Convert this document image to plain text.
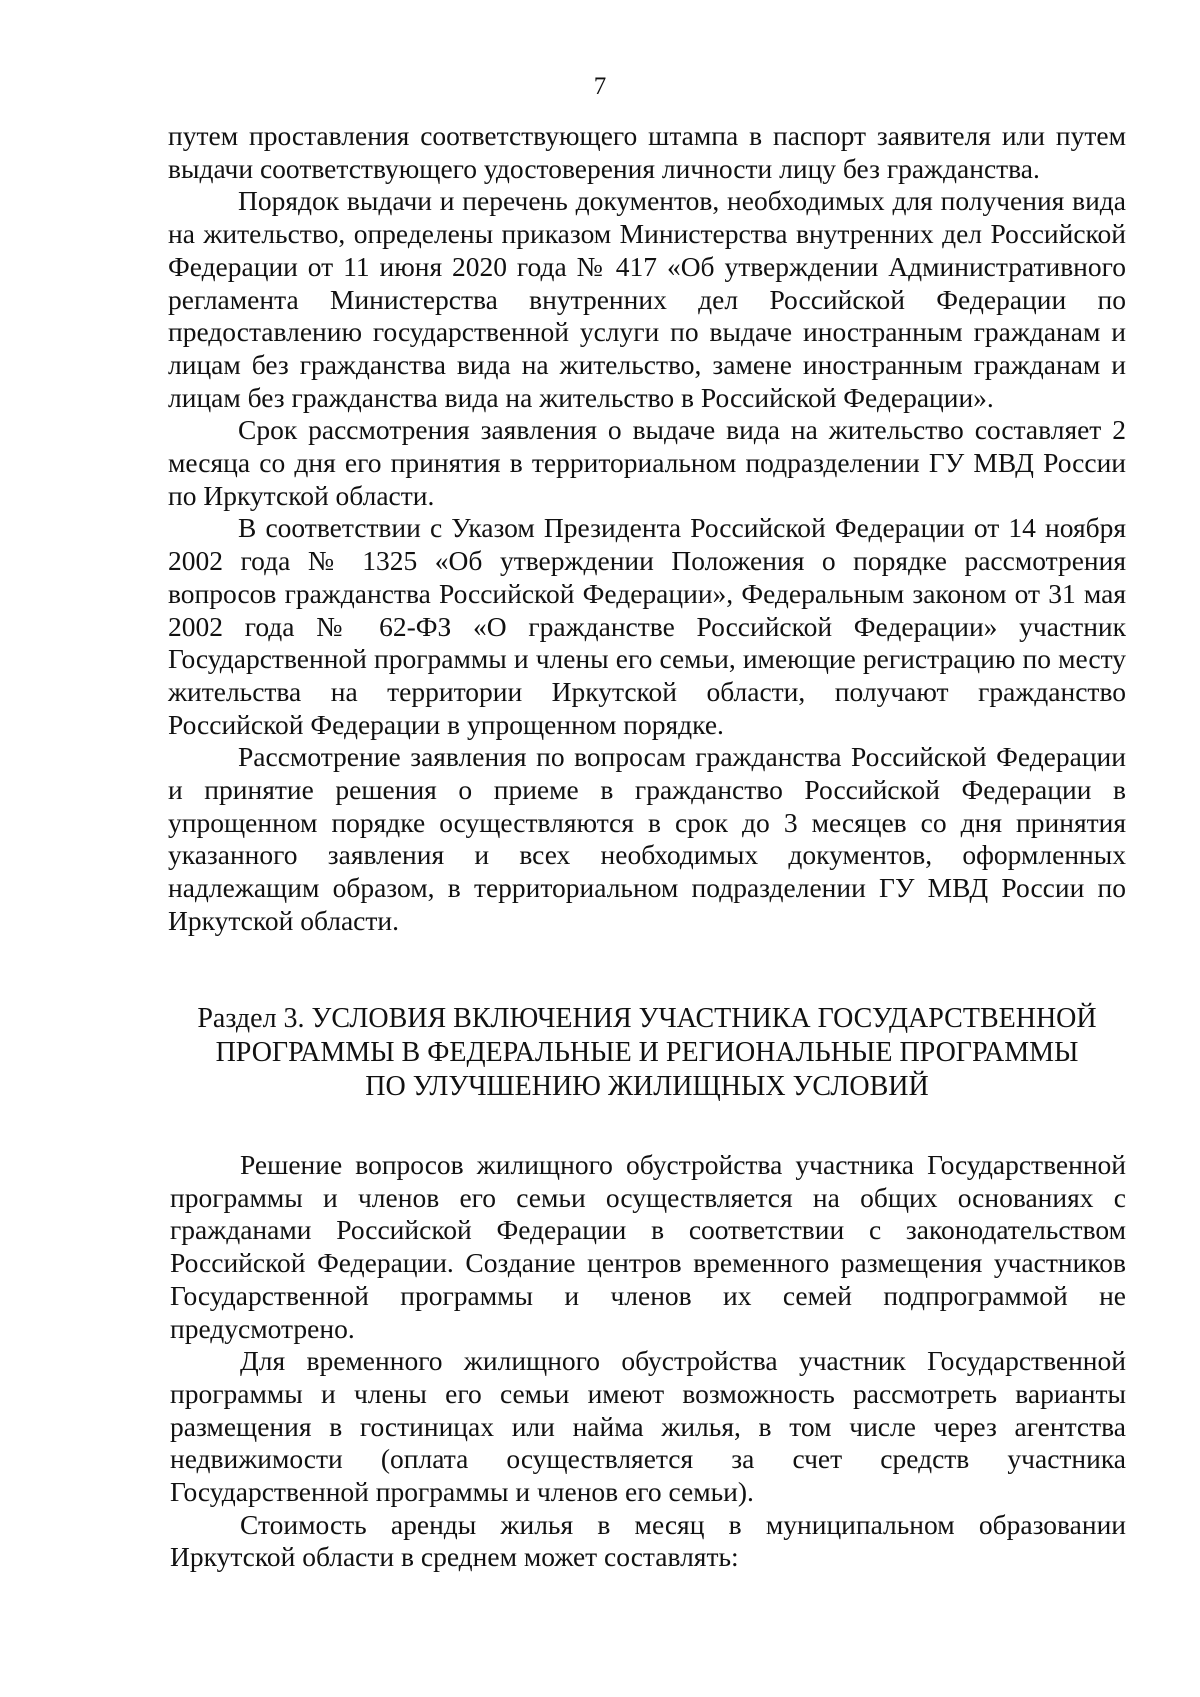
7

путем проставления соответствующего штампа в паспорт заявителя или путем выдачи соответствующего удостоверения личности лицу без гражданства.

Порядок выдачи и перечень документов, необходимых для получения вида на жительство, определены приказом Министерства внутренних дел Российской Федерации от 11 июня 2020 года № 417 «Об утверждении Административного регламента Министерства внутренних дел Российской Федерации по предоставлению государственной услуги по выдаче иностранным гражданам и лицам без гражданства вида на жительство, замене иностранным гражданам и лицам без гражданства вида на жительство в Российской Федерации».

Срок рассмотрения заявления о выдаче вида на жительство составляет 2 месяца со дня его принятия в территориальном подразделении ГУ МВД России по Иркутской области.

В соответствии с Указом Президента Российской Федерации от 14 ноября 2002 года № 1325 «Об утверждении Положения о порядке рассмотрения вопросов гражданства Российской Федерации», Федеральным законом от 31 мая 2002 года № 62-ФЗ «О гражданстве Российской Федерации» участник Государственной программы и члены его семьи, имеющие регистрацию по месту жительства на территории Иркутской области, получают гражданство Российской Федерации в упрощенном порядке.

Рассмотрение заявления по вопросам гражданства Российской Федерации и принятие решения о приеме в гражданство Российской Федерации в упрощенном порядке осуществляются в срок до 3 месяцев со дня принятия указанного заявления и всех необходимых документов, оформленных надлежащим образом, в территориальном подразделении ГУ МВД России по Иркутской области.

Раздел 3. УСЛОВИЯ ВКЛЮЧЕНИЯ УЧАСТНИКА ГОСУДАРСТВЕННОЙ
ПРОГРАММЫ В ФЕДЕРАЛЬНЫЕ И РЕГИОНАЛЬНЫЕ ПРОГРАММЫ
ПО УЛУЧШЕНИЮ ЖИЛИЩНЫХ УСЛОВИЙ

Решение вопросов жилищного обустройства участника Государственной программы и членов его семьи осуществляется на общих основаниях с гражданами Российской Федерации в соответствии с законодательством Российской Федерации. Создание центров временного размещения участников Государственной программы и членов их семей подпрограммой не предусмотрено.

Для временного жилищного обустройства участник Государственной программы и члены его семьи имеют возможность рассмотреть варианты размещения в гостиницах или найма жилья, в том числе через агентства недвижимости (оплата осуществляется за счет средств участника Государственной программы и членов его семьи).

Стоимость аренды жилья в месяц в муниципальном образовании Иркутской области в среднем может составлять:
